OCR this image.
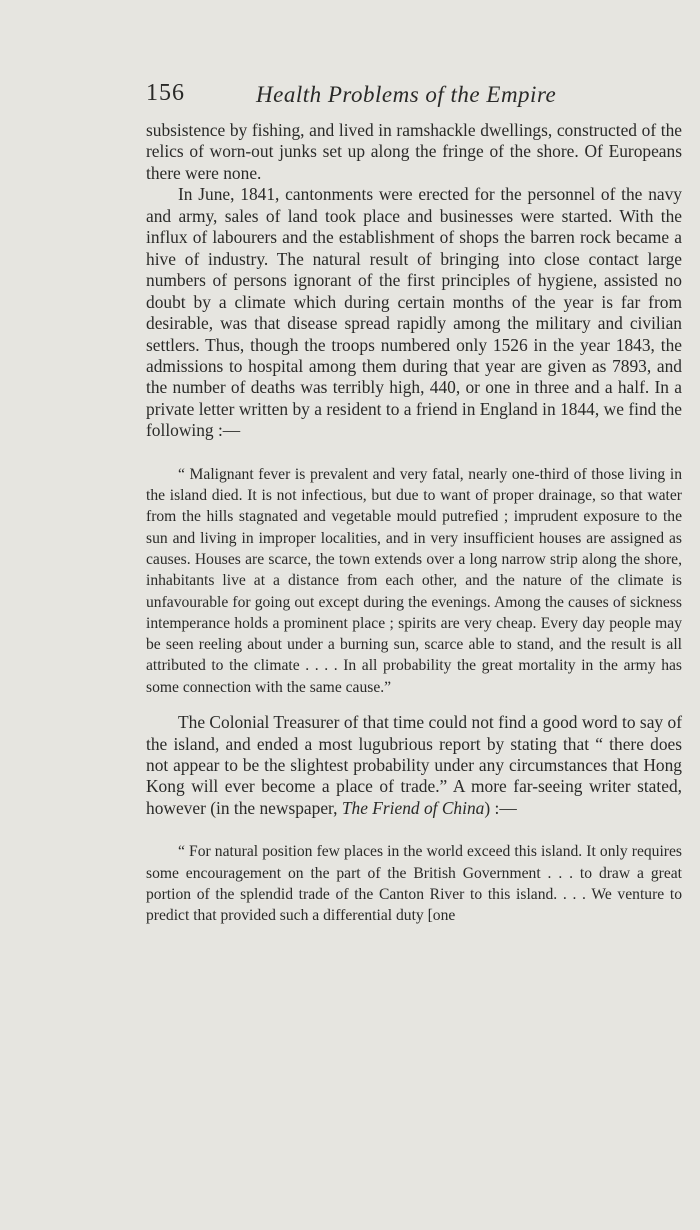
156	Health Problems of the Empire

subsistence by fishing, and lived in ramshackle dwellings, constructed of the relics of worn-out junks set up along the fringe of the shore. Of Europeans there were none.

In June, 1841, cantonments were erected for the personnel of the navy and army, sales of land took place and businesses were started. With the influx of labourers and the establishment of shops the barren rock became a hive of industry. The natural result of bringing into close contact large numbers of persons ignorant of the first principles of hygiene, assisted no doubt by a climate which during certain months of the year is far from desirable, was that disease spread rapidly among the military and civilian settlers. Thus, though the troops numbered only 1526 in the year 1843, the admissions to hospital among them during that year are given as 7893, and the number of deaths was terribly high, 440, or one in three and a half. In a private letter written by a resident to a friend in England in 1844, we find the following :—

“ Malignant fever is prevalent and very fatal, nearly one-third of those living in the island died. It is not infectious, but due to want of proper drainage, so that water from the hills stagnated and vegetable mould putrefied ; imprudent exposure to the sun and living in improper localities, and in very insufficient houses are assigned as causes. Houses are scarce, the town extends over a long narrow strip along the shore, inhabitants live at a distance from each other, and the nature of the climate is unfavourable for going out except during the evenings. Among the causes of sickness intemperance holds a prominent place ; spirits are very cheap. Every day people may be seen reeling about under a burning sun, scarce able to stand, and the result is all attributed to the climate . . . . In all probability the great mortality in the army has some connection with the same cause.”

The Colonial Treasurer of that time could not find a good word to say of the island, and ended a most lugubrious report by stating that “ there does not appear to be the slightest probability under any circumstances that Hong Kong will ever become a place of trade.” A more far-seeing writer stated, however (in the newspaper, The Friend of China) :—

“ For natural position few places in the world exceed this island. It only requires some encouragement on the part of the British Government . . . to draw a great portion of the splendid trade of the Canton River to this island. . . . We venture to predict that provided such a differential duty [one
